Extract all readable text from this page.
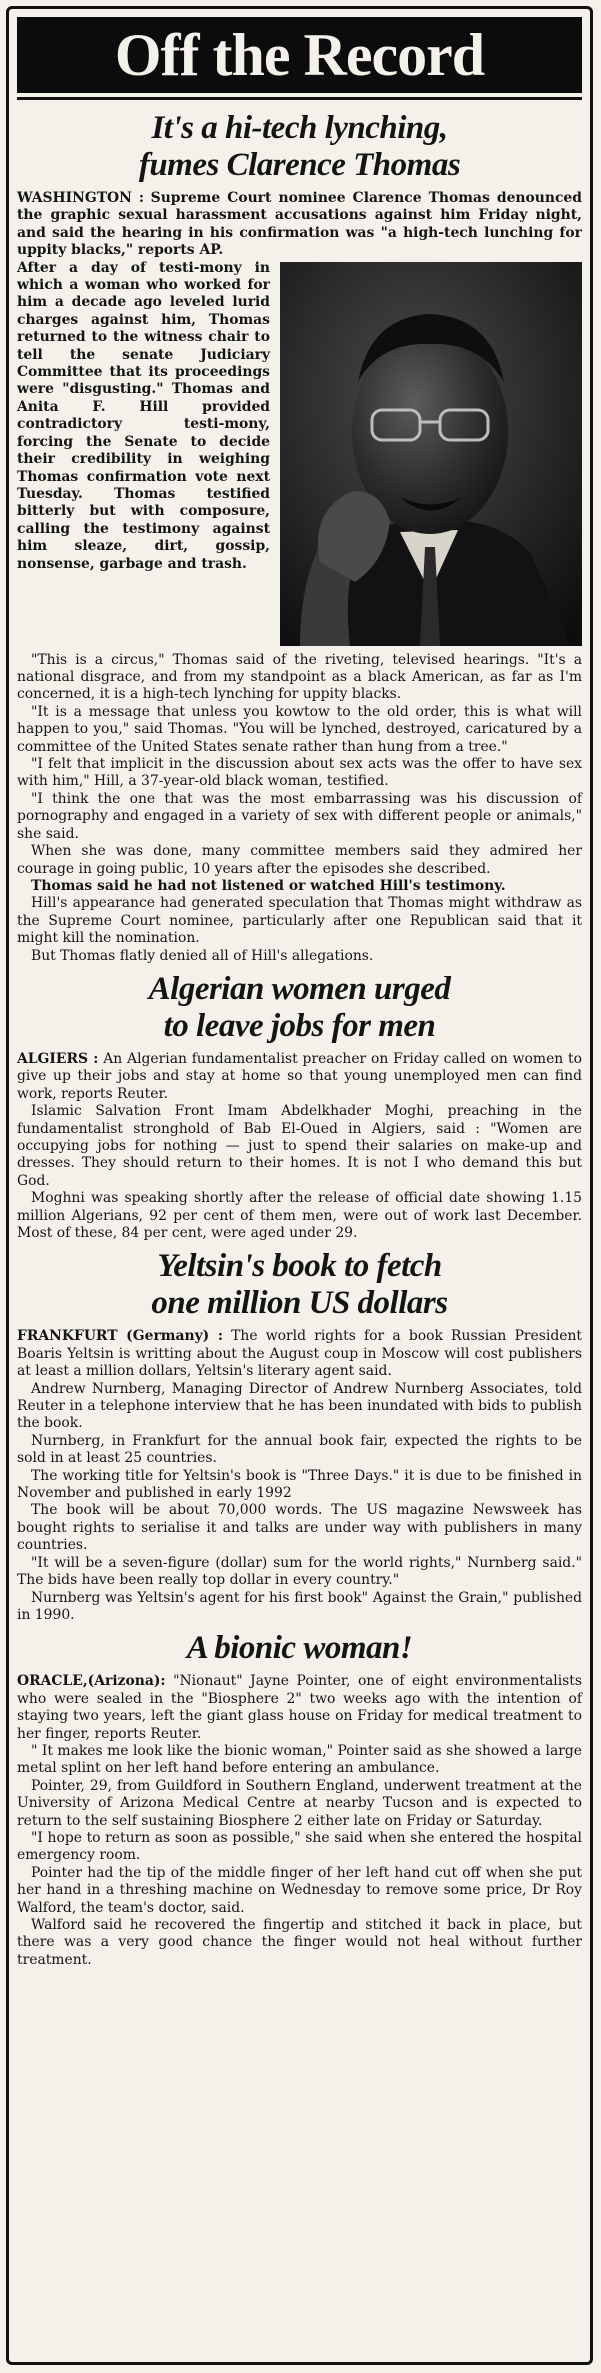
Off the Record
It's a hi-tech lynching,
fumes Clarence Thomas

WASHINGTON : Supreme Court nominee Clarence Thomas denounced the graphic sexual harassment accusations against him Friday night, and said the hearing in his confirmation was "a high-tech lunching for uppity blacks," reports AP.

After a day of testi-mony in which a woman who worked for him a decade ago leveled lurid charges against him, Thomas returned to the witness chair to tell the senate Judiciary Committee that its proceedings were "disgusting." Thomas and Anita F. Hill provided contradictory testi-mony, forcing the Senate to decide their credibility in weighing Thomas confirmation vote next Tuesday. Thomas testified bitterly but with composure, calling the testimony against him sleaze, dirt, gossip, nonsense, garbage and trash.

"This is a circus," Thomas said of the riveting, televised hearings. "It's a national disgrace, and from my standpoint as a black American, as far as I'm concerned, it is a high-tech lynching for uppity blacks.

"It is a message that unless you kowtow to the old order, this is what will happen to you," said Thomas. "You will be lynched, destroyed, caricatured by a committee of the United States senate rather than hung from a tree."

"I felt that implicit in the discussion about sex acts was the offer to have sex with him," Hill, a 37-year-old black woman, testified.

"I think the one that was the most embarrassing was his discussion of pornography and engaged in a variety of sex with different people or animals," she said.

When she was done, many committee members said they admired her courage in going public, 10 years after the episodes she described.

Thomas said he had not listened or watched Hill's testimony.

Hill's appearance had generated speculation that Thomas might withdraw as the Supreme Court nominee, particularly after one Republican said that it might kill the nomination.

But Thomas flatly denied all of Hill's allegations.

Algerian women urged
to leave jobs for men

ALGIERS : An Algerian fundamentalist preacher on Friday called on women to give up their jobs and stay at home so that young unemployed men can find work, reports Reuter.

Islamic Salvation Front Imam Abdelkhader Moghi, preaching in the fundamentalist stronghold of Bab El-Oued in Algiers, said : "Women are occupying jobs for nothing — just to spend their salaries on make-up and dresses. They should return to their homes. It is not I who demand this but God.

Moghni was speaking shortly after the release of official date showing 1.15 million Algerians, 92 per cent of them men, were out of work last December. Most of these, 84 per cent, were aged under 29.

Yeltsin's book to fetch
one million US dollars

FRANKFURT (Germany) : The world rights for a book Russian President Boaris Yeltsin is writting about the August coup in Moscow will cost publishers at least a million dollars, Yeltsin's literary agent said.

Andrew Nurnberg, Managing Director of Andrew Nurnberg Associates, told Reuter in a telephone interview that he has been inundated with bids to publish the book.

Nurnberg, in Frankfurt for the annual book fair, expected the rights to be sold in at least 25 countries.

The working title for Yeltsin's book is "Three Days." it is due to be finished in November and published in early 1992

The book will be about 70,000 words. The US magazine Newsweek has bought rights to serialise it and talks are under way with publishers in many countries.

"It will be a seven-figure (dollar) sum for the world rights," Nurnberg said." The bids have been really top dollar in every country."

Nurnberg was Yeltsin's agent for his first book" Against the Grain," published in 1990.

A bionic woman!

ORACLE,(Arizona): "Nionaut" Jayne Pointer, one of eight environmentalists who were sealed in the "Biosphere 2" two weeks ago with the intention of staying two years, left the giant glass house on Friday for medical treatment to her finger, reports Reuter.

" It makes me look like the bionic woman," Pointer said as she showed a large metal splint on her left hand before entering an ambulance.

Pointer, 29, from Guildford in Southern England, underwent treatment at the University of Arizona Medical Centre at nearby Tucson and is expected to return to the self sustaining Biosphere 2 either late on Friday or Saturday.

"I hope to return as soon as possible," she said when she entered the hospital emergency room.

Pointer had the tip of the middle finger of her left hand cut off when she put her hand in a threshing machine on Wednesday to remove some price, Dr Roy Walford, the team's doctor, said.

Walford said he recovered the fingertip and stitched it back in place, but there was a very good chance the finger would not heal without further treatment.
